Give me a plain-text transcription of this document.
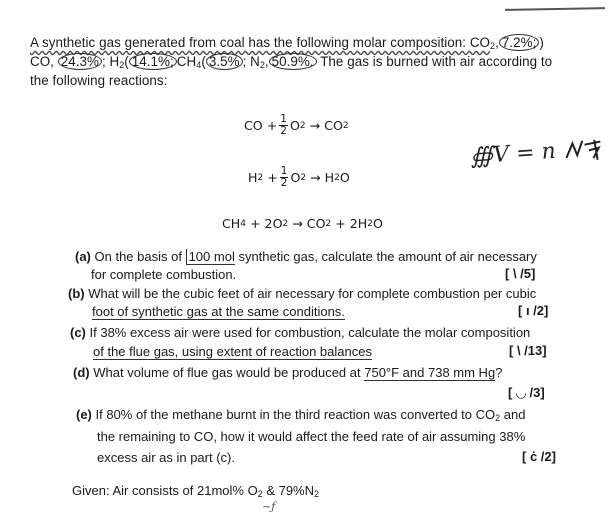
A synthetic gas generated from coal has the following molar composition: $CO_2$, 7.2%; )
CO, 24.3% ; $H_2$( 14.1%; $CH_4$( 3.5% ; $N_2$, 50.9%. The gas is burned with air according to
the following reactions:
CO + $\frac{1}{2}$ O 2 → CO 2
H $2 + \frac{1}{2}$ O 2 → H 2 O
CH 4 + 2O 2 → CO 2 + 2H 2 O
∰V = n
(a) On the basis of 100 mol synthetic gas, calculate the amount of air necessary
for complete combustion.	[ \ /5]
(b) What will be the cubic feet of air necessary for complete combustion per cubic
foot of synthetic gas at the same conditions.	[ ı /2]
(c) If 38% excess air were used for combustion, calculate the molar composition
of the flue gas, using extent of reaction balances	[ \ /13]
(d) What volume of flue gas would be produced at 750°F and 738 mm Hg?
[ ◡ /3]
(e) If 80% of the methane burnt in the third reaction was converted to $CO_2$ and
the remaining to CO, how it would affect the feed rate of air assuming 38%
excess air as in part (c).	[ ċ /2]
Given: Air consists of 21mol% $O_2$ & $79\%N_2$
~ƒ
